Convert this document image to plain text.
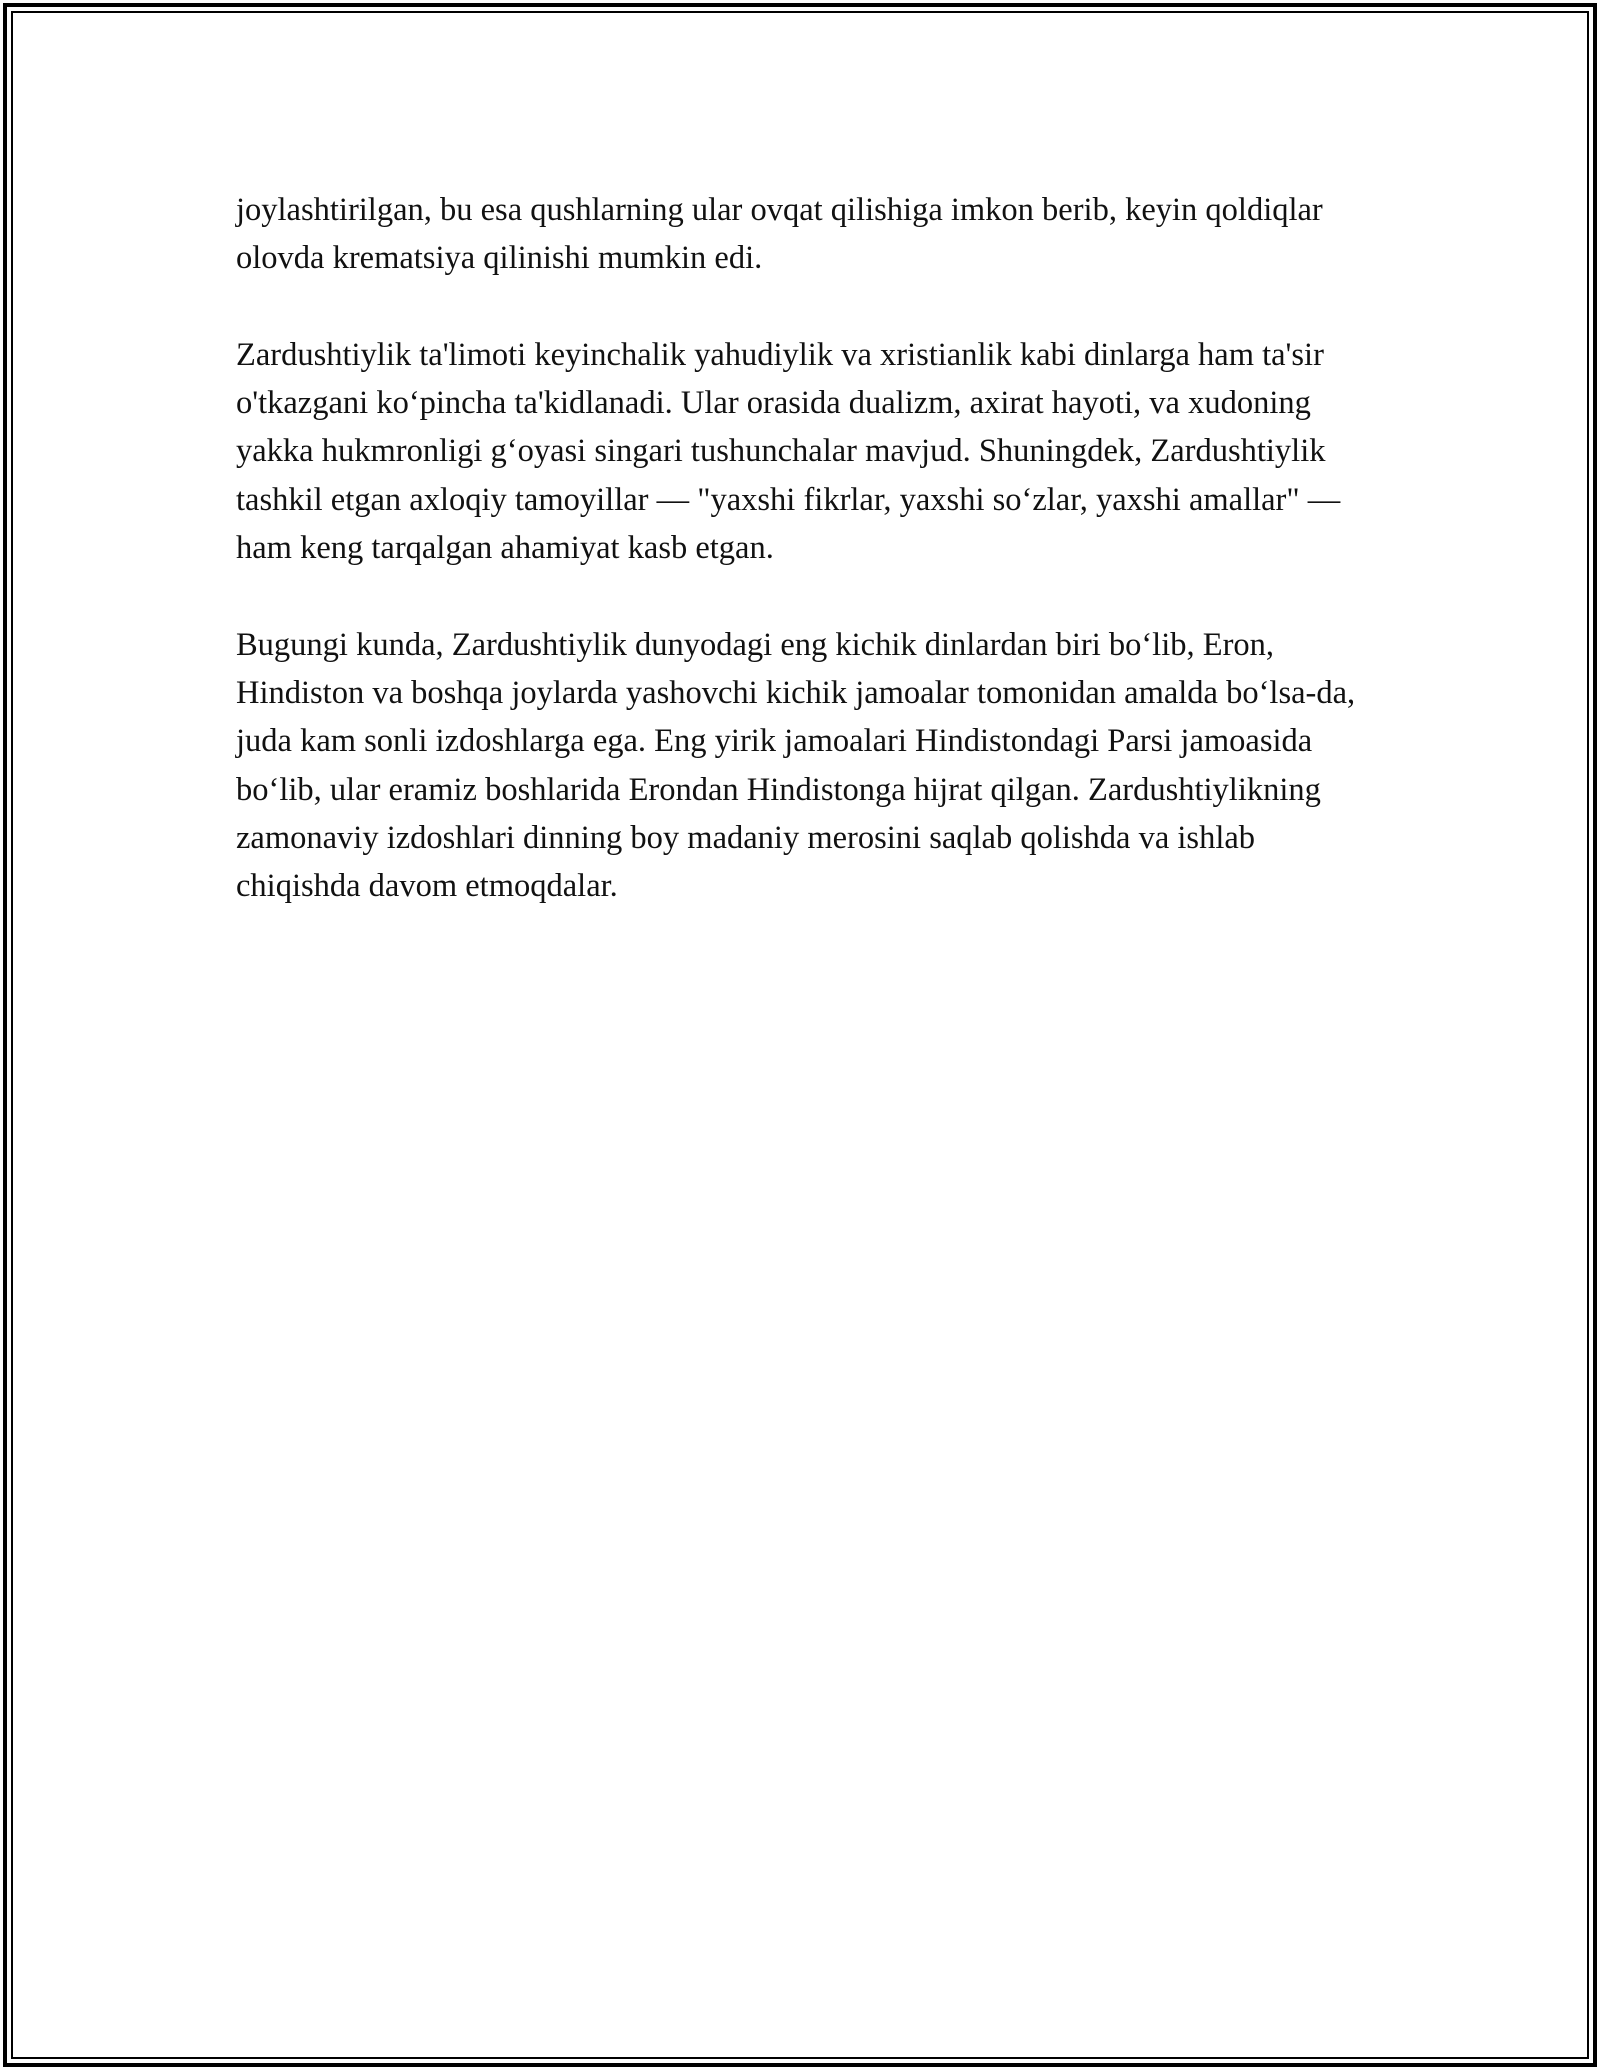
joylashtirilgan, bu esa qushlarning ular ovqat qilishiga imkon berib, keyin qoldiqlar olovda krematsiya qilinishi mumkin edi.

Zardushtiylik ta'limoti keyinchalik yahudiylik va xristianlik kabi dinlarga ham ta'sir o'tkazgani ko‘pincha ta'kidlanadi. Ular orasida dualizm, axirat hayoti, va xudoning yakka hukmronligi g‘oyasi singari tushunchalar mavjud. Shuningdek, Zardushtiylik tashkil etgan axloqiy tamoyillar — "yaxshi fikrlar, yaxshi so‘zlar, yaxshi amallar" — ham keng tarqalgan ahamiyat kasb etgan.

Bugungi kunda, Zardushtiylik dunyodagi eng kichik dinlardan biri bo‘lib, Eron, Hindiston va boshqa joylarda yashovchi kichik jamoalar tomonidan amalda bo‘lsa-da, juda kam sonli izdoshlarga ega. Eng yirik jamoalari Hindistondagi Parsi jamoasida bo‘lib, ular eramiz boshlarida Erondan Hindistonga hijrat qilgan. Zardushtiylikning zamonaviy izdoshlari dinning boy madaniy merosini saqlab qolishda va ishlab chiqishda davom etmoqdalar.
